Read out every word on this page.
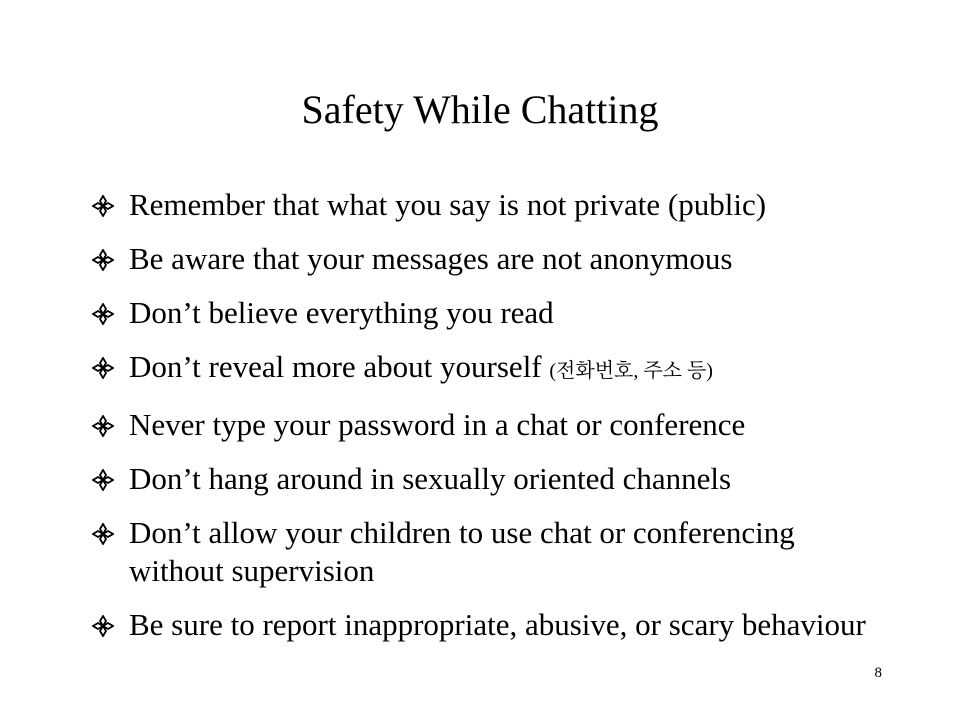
Safety While Chatting
Remember that what you say is not private (public)
Be aware that your messages are not anonymous
Don’t believe everything you read
Don’t reveal more about yourself (전화번호, 주소 등)
Never type your password in a chat or conference
Don’t hang around in sexually oriented channels
Don’t allow your children to use chat or conferencing without supervision
Be sure to report inappropriate, abusive, or scary behaviour
8
